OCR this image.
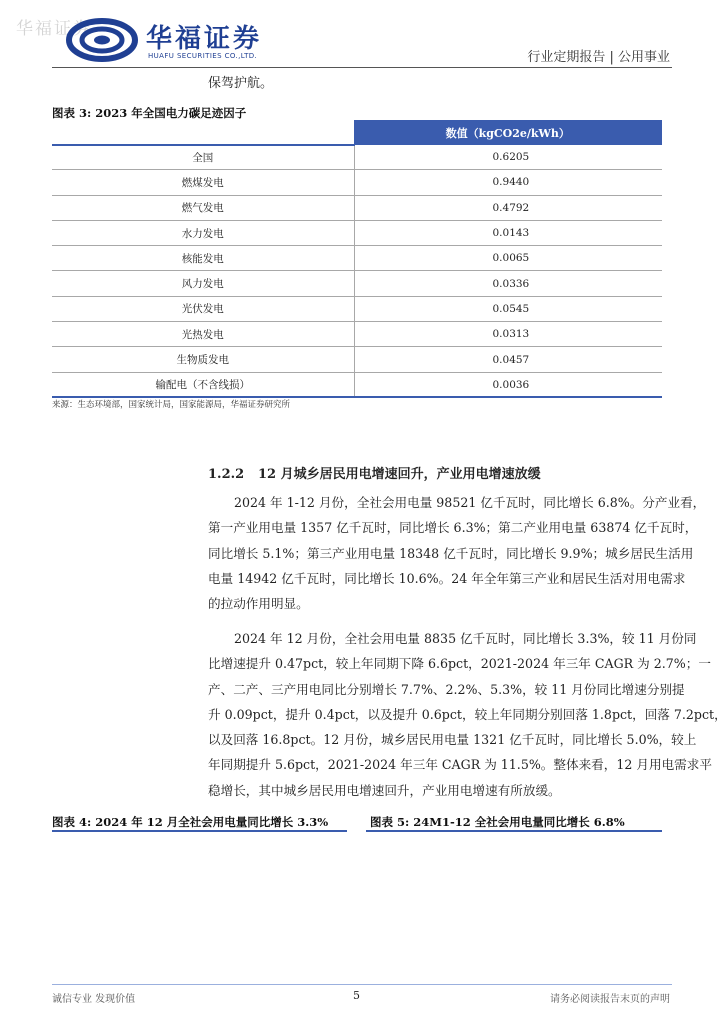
华福证券 华福证券
HUAFU SECURITIES CO.,LTD.	行业定期报告 | 公用事业
保驾护航。
图表 3: 2023 年全国电力碳足迹因子
	数值（kgCO2e/kWh）
全国	0.6205
燃煤发电	0.9440
燃气发电	0.4792
水力发电	0.0143
核能发电	0.0065
风力发电	0.0336
光伏发电	0.0545
光热发电	0.0313
生物质发电	0.0457
输配电（不含线损）	0.0036
来源：生态环境部，国家统计局，国家能源局，华福证券研究所
1.2.2 12 月城乡居民用电增速回升，产业用电增速放缓
2024 年 1-12 月份，全社会用电量 98521 亿千瓦时，同比增长 6.8%。分产业看，
第一产业用电量 1357 亿千瓦时，同比增长 6.3%；第二产业用电量 63874 亿千瓦时，
同比增长 5.1%；第三产业用电量 18348 亿千瓦时，同比增长 9.9%；城乡居民生活用
电量 14942 亿千瓦时，同比增长 10.6%。24 年全年第三产业和居民生活对用电需求
的拉动作用明显。
2024 年 12 月份，全社会用电量 8835 亿千瓦时，同比增长 3.3%，较 11 月份同
比增速提升 0.47pct，较上年同期下降 6.6pct，2021-2024 年三年 CAGR 为 2.7%；一
产、二产、三产用电同比分别增长 7.7%、2.2%、5.3%，较 11 月份同比增速分别提
升 0.09pct，提升 0.4pct，以及提升 0.6pct，较上年同期分别回落 1.8pct，回落 7.2pct，
以及回落 16.8pct。12 月份，城乡居民用电量 1321 亿千瓦时，同比增长 5.0%，较上
年同期提升 5.6pct，2021-2024 年三年 CAGR 为 11.5%。整体来看，12 月用电需求平
稳增长，其中城乡居民用电增速回升，产业用电增速有所放缓。
图表 4: 2024 年 12 月全社会用电量同比增长 3.3%	图表 5: 24M1-12 全社会用电量同比增长 6.8%
诚信专业 发现价值	5	请务必阅读报告末页的声明
